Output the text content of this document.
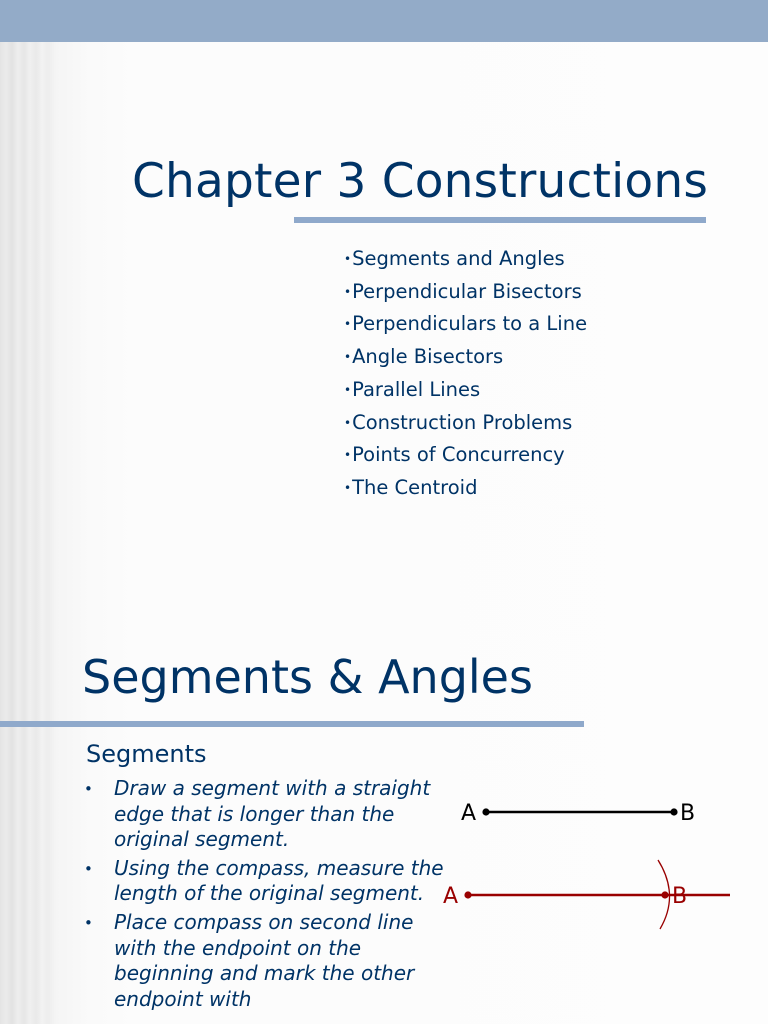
Chapter 3 Constructions
•Segments and Angles
•Perpendicular Bisectors
•Perpendiculars to a Line
•Angle Bisectors
•Parallel Lines
•Construction Problems
•Points of Concurrency
•The Centroid
Segments & Angles
Segments
• Draw a segment with a straight edge that is longer than the original segment.
• Using the compass, measure the length of the original segment.
• Place compass on second line with the endpoint on the beginning and mark the other endpoint with
A	B
A	B
